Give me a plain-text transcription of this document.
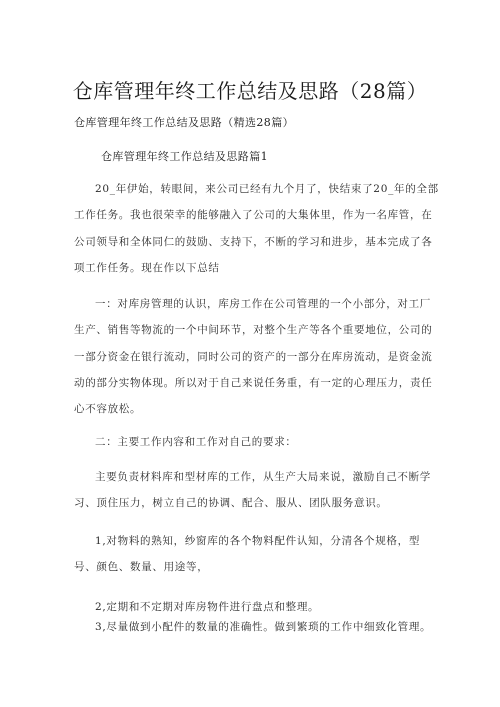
仓库管理年终工作总结及思路（28篇）
仓库管理年终工作总结及思路（精选28篇）
仓库管理年终工作总结及思路篇1
20_年伊始，转眼间，来公司已经有九个月了，快结束了20_年的全部
工作任务。我也很荣幸的能够融入了公司的大集体里，作为一名库管，在
公司领导和全体同仁的鼓励、支持下，不断的学习和进步，基本完成了各
项工作任务。现在作以下总结
一：对库房管理的认识，库房工作在公司管理的一个小部分，对工厂
生产、销售等物流的一个中间环节，对整个生产等各个重要地位，公司的
一部分资金在银行流动，同时公司的资产的一部分在库房流动，是资金流
动的部分实物体现。所以对于自己来说任务重，有一定的心理压力，责任
心不容放松。
二：主要工作内容和工作对自己的要求：
主要负责材料库和型材库的工作，从生产大局来说，激励自己不断学
习、顶住压力，树立自己的协调、配合、服从、团队服务意识。
1,对物料的熟知，纱窗库的各个物料配件认知，分清各个规格，型
号、颜色、数量、用途等，
2,定期和不定期对库房物件进行盘点和整理。
3,尽量做到小配件的数量的准确性。做到繁琐的工作中细致化管理。
